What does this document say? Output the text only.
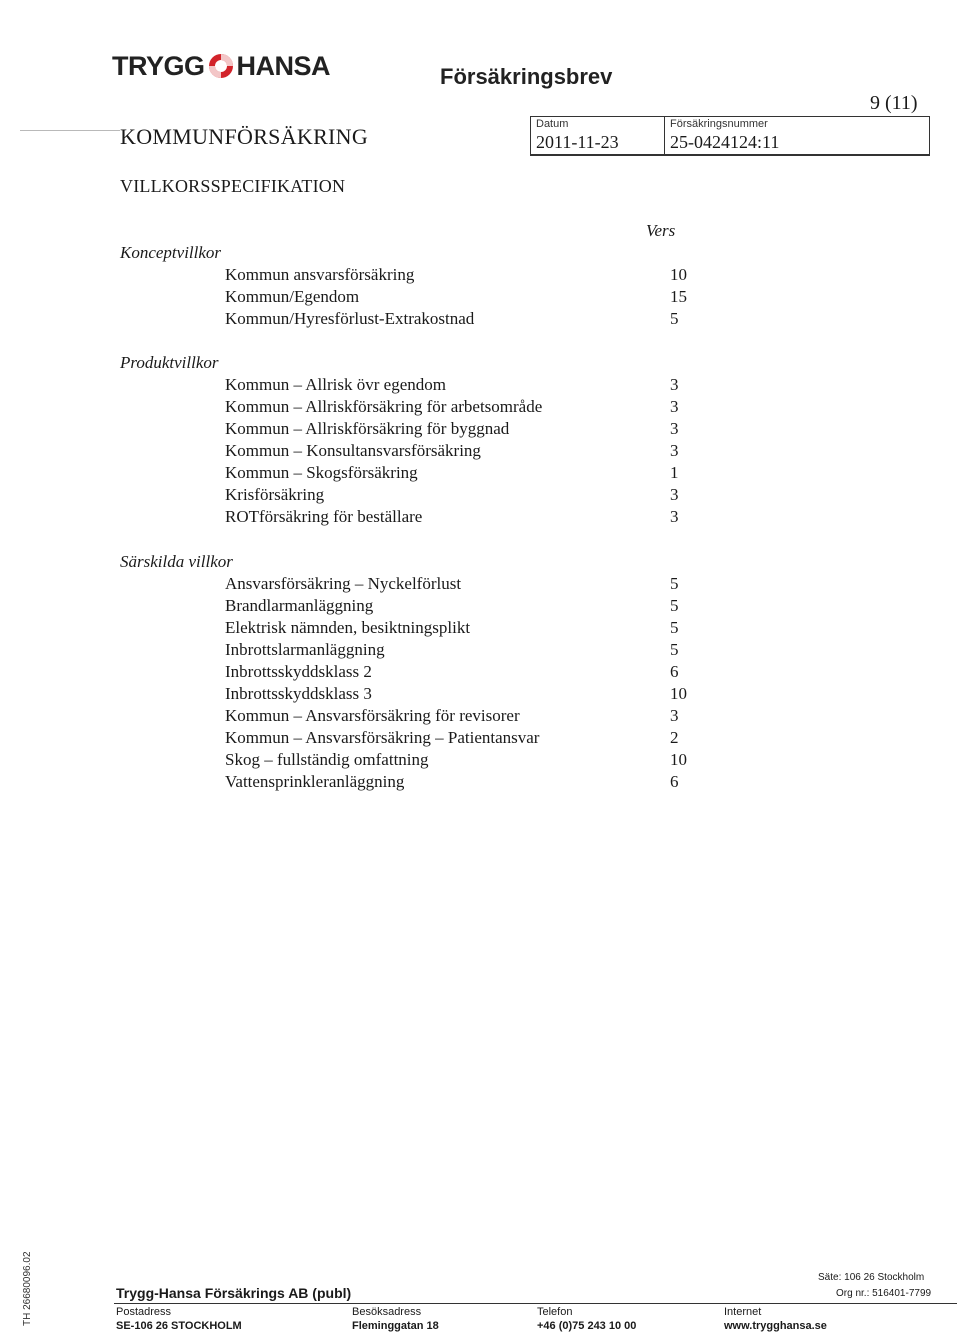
TRYGG HANSA	Försäkringsbrev
9 (11)
KOMMUNFÖRSÄKRING	Datum
2011-11-23
Försäkringsnummer
25-0424124:11
VILLKORSSPECIFIKATION
Vers
Konceptvillkor
Kommun ansvarsförsäkring	10
Kommun/Egendom	15
Kommun/Hyresförlust-Extrakostnad	5
Produktvillkor
Kommun – Allrisk övr egendom	3
Kommun – Allriskförsäkring för arbetsområde	3
Kommun – Allriskförsäkring för byggnad	3
Kommun – Konsultansvarsförsäkring	3
Kommun – Skogsförsäkring	1
Krisförsäkring	3
ROTförsäkring för beställare	3
Särskilda villkor
Ansvarsförsäkring – Nyckelförlust	5
Brandlarmanläggning	5
Elektrisk nämnden, besiktningsplikt	5
Inbrottslarmanläggning	5
Inbrottsskyddsklass 2	6
Inbrottsskyddsklass 3	10
Kommun – Ansvarsförsäkring för revisorer	3
Kommun – Ansvarsförsäkring – Patientansvar	2
Skog – fullständig omfattning	10
Vattensprinkleranläggning	6
TH 26680096.02	Säte: 106 26 Stockholm
Org nr.: 516401-7799
Trygg-Hansa Försäkrings AB (publ)
Postadress
SE-106 26 STOCKHOLM
Besöksadress
Fleminggatan 18
Telefon
+46 (0)75 243 10 00
Internet
www.trygghansa.se
